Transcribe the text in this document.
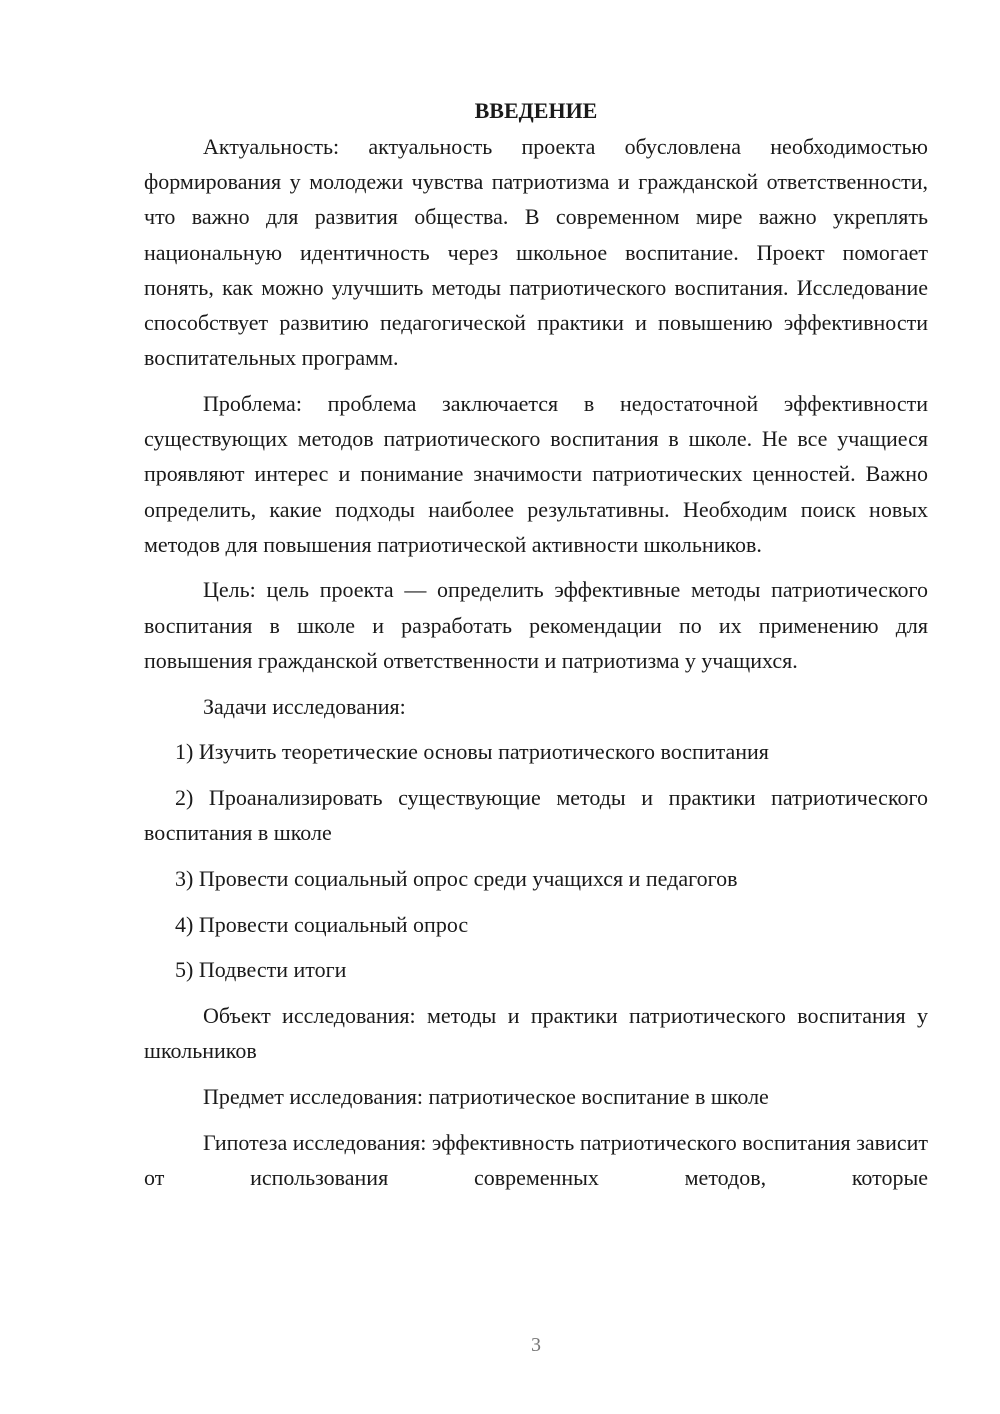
ВВЕДЕНИЕ

Актуальность: актуальность проекта обусловлена необходимостью формирования у молодежи чувства патриотизма и гражданской ответственности, что важно для развития общества. В современном мире важно укреплять национальную идентичность через школьное воспитание. Проект помогает понять, как можно улучшить методы патриотического воспитания. Исследование способствует развитию педагогической практики и повышению эффективности воспитательных программ.

Проблема: проблема заключается в недостаточной эффективности существующих методов патриотического воспитания в школе. Не все учащиеся проявляют интерес и понимание значимости патриотических ценностей. Важно определить, какие подходы наиболее результативны. Необходим поиск новых методов для повышения патриотической активности школьников.

Цель: цель проекта — определить эффективные методы патриотического воспитания в школе и разработать рекомендации по их применению для повышения гражданской ответственности и патриотизма у учащихся.

Задачи исследования:

1) Изучить теоретические основы патриотического воспитания

2) Проанализировать существующие методы и практики патриотического воспитания в школе

3) Провести социальный опрос среди учащихся и педагогов

4) Провести социальный опрос

5) Подвести итоги

Объект исследования: методы и практики патриотического воспитания у школьников

Предмет исследования: патриотическое воспитание в школе

Гипотеза исследования: эффективность патриотического воспитания зависит от использования современных методов, которые

3
